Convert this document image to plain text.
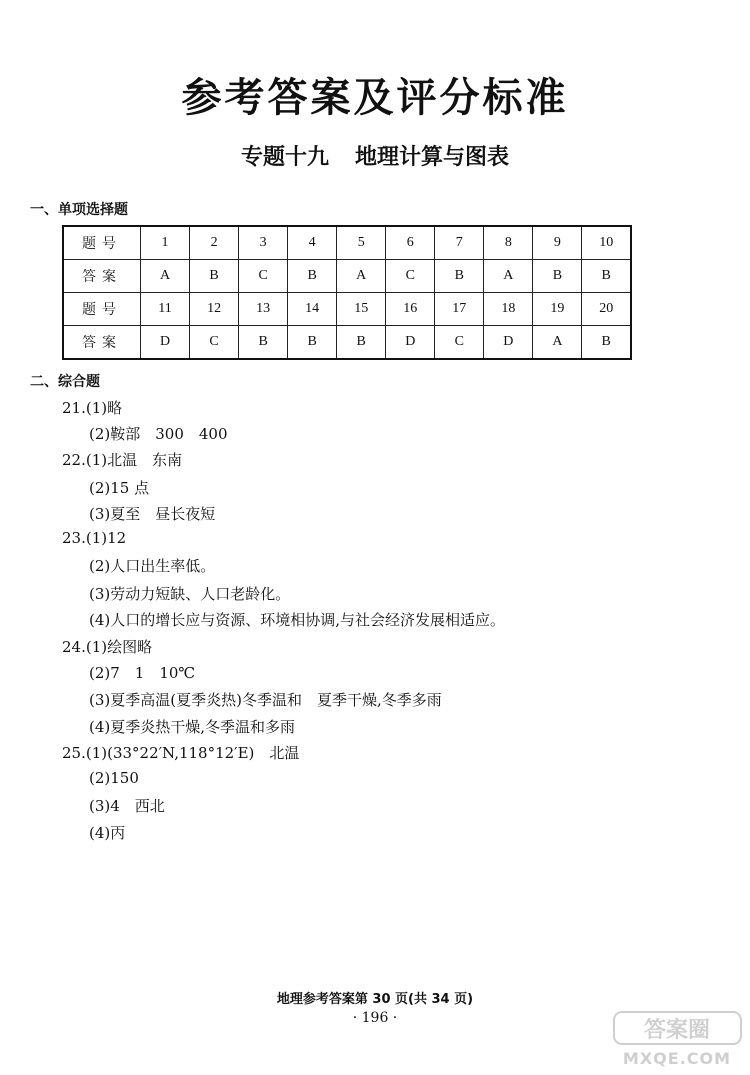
参考答案及评分标准
专题十九 地理计算与图表
一、单项选择题
题号	1	2	3	4	5	6	7	8	9	10
答案	A	B	C	B	A	C	B	A	B	B
题号	11	12	13	14	15	16	17	18	19	20
答案	D	C	B	B	B	D	C	D	A	B
二、综合题
21.(1)略
(2)鞍部　300　400
22.(1)北温　东南
(2)15 点
(3)夏至　昼长夜短
23.(1)12
(2)人口出生率低。
(3)劳动力短缺、人口老龄化。
(4)人口的增长应与资源、环境相协调,与社会经济发展相适应。
24.(1)绘图略
(2)7　1　10℃
(3)夏季高温(夏季炎热)冬季温和　夏季干燥,冬季多雨
(4)夏季炎热干燥,冬季温和多雨
25.(1)(33°22′N,118°12′E)　北温
(2)150
(3)4　西北
(4)丙
地理参考答案第 30 页(共 34 页)
· 196 ·	答案圈
MXQE.COM
